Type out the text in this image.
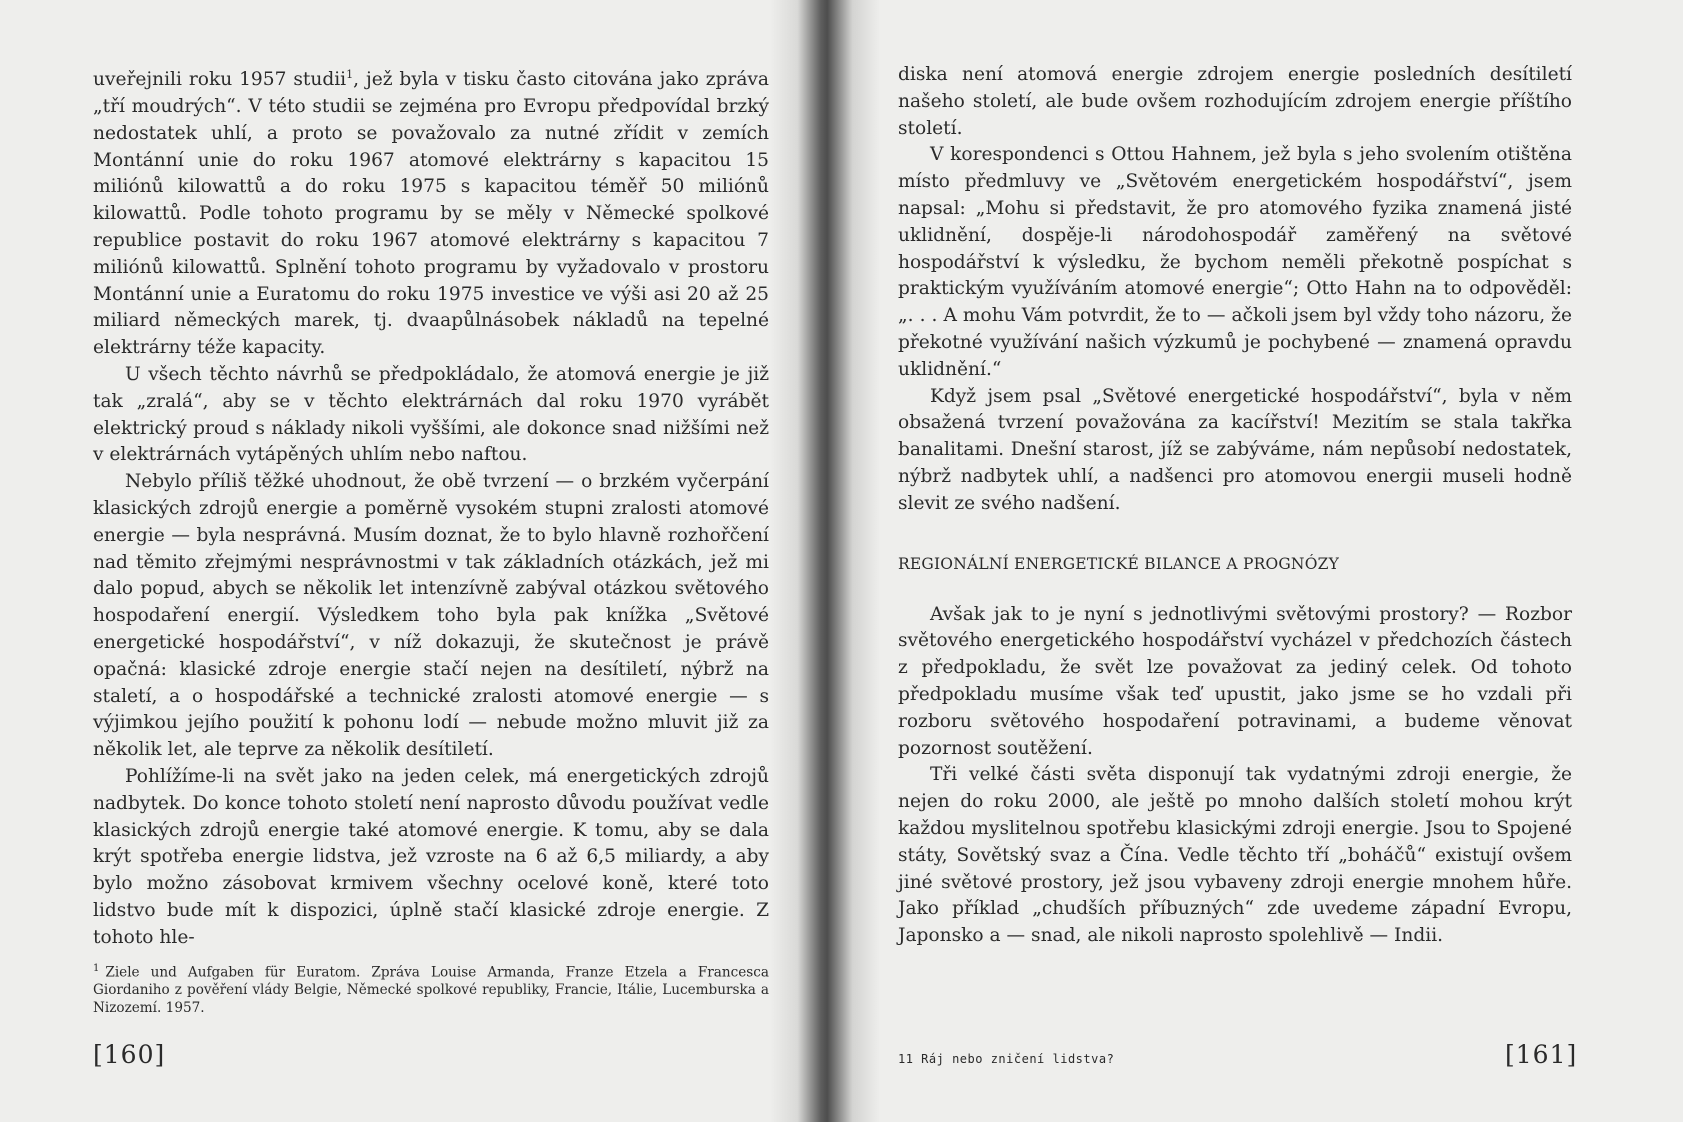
uveřejnili roku 1957 studii$^1$, jež byla v tisku často citována jako zpráva „tří moudrých“. V této studii se zejména pro Evropu předpovídal brzký nedostatek uhlí, a proto se považovalo za nutné zřídit v zemích Montánní unie do roku 1967 atomové elektrárny s kapacitou 15 miliónů kilowattů a do roku 1975 s kapacitou téměř 50 miliónů kilowattů. Podle tohoto programu by se měly v Německé spolkové republice postavit do roku 1967 atomové elektrárny s kapacitou 7 miliónů kilowattů. Splnění tohoto programu by vyžadovalo v prostoru Montánní unie a Euratomu do roku 1975 investice ve výši asi 20 až 25 miliard německých marek, tj. dvaapůlnásobek nákladů na tepelné elektrárny téže kapacity.

U všech těchto návrhů se předpokládalo, že atomová energie je již tak „zralá“, aby se v těchto elektrárnách dal roku 1970 vyrábět elektrický proud s náklady nikoli vyššími, ale dokonce snad nižšími než v elektrárnách vytápěných uhlím nebo naftou.

Nebylo příliš těžké uhodnout, že obě tvrzení — o brzkém vyčerpání klasických zdrojů energie a poměrně vysokém stupni zralosti atomové energie — byla nesprávná. Musím doznat, že to bylo hlavně rozhořčení nad těmito zřejmými nesprávnostmi v tak základních otázkách, jež mi dalo popud, abych se několik let intenzívně zabýval otázkou světového hospodaření energií. Výsledkem toho byla pak knížka „Světové energetické hospodářství“, v níž dokazuji, že skutečnost je právě opačná: klasické zdroje energie stačí nejen na desítiletí, nýbrž na staletí, a o hospodářské a technické zralosti atomové energie — s výjimkou jejího použití k pohonu lodí — nebude možno mluvit již za několik let, ale teprve za několik desítiletí.

Pohlížíme-li na svět jako na jeden celek, má energetických zdrojů nadbytek. Do konce tohoto století není naprosto důvodu používat vedle klasických zdrojů energie také atomové energie. K tomu, aby se dala krýt spotřeba energie lidstva, jež vzroste na 6 až 6,5 miliardy, a aby bylo možno zásobovat krmivem všechny ocelové koně, které toto lidstvo bude mít k dispozici, úplně stačí klasické zdroje energie. Z tohoto hle-

$^1$ Ziele und Aufgaben für Euratom. Zpráva Louise Armanda, Franze Etzela a Francesca Giordaniho z pověření vlády Belgie, Německé spolkové republiky, Francie, Itálie, Lucemburska a Nizozemí. 1957.
[160]

diska není atomová energie zdrojem energie posledních desítiletí našeho století, ale bude ovšem rozhodujícím zdrojem energie příštího století.

V korespondenci s Ottou Hahnem, jež byla s jeho svolením otištěna místo předmluvy ve „Světovém energetickém hospodářství“, jsem napsal: „Mohu si představit, že pro atomového fyzika znamená jisté uklidnění, dospěje-li národohospodář zaměřený na světové hospodářství k výsledku, že bychom neměli překotně pospíchat s praktickým využíváním atomové energie“; Otto Hahn na to odpověděl: „. . . A mohu Vám potvrdit, že to — ačkoli jsem byl vždy toho názoru, že překotné využívání našich výzkumů je pochybené — znamená opravdu uklidnění.“

Když jsem psal „Světové energetické hospodářství“, byla v něm obsažená tvrzení považována za kacířství! Mezitím se stala takřka banalitami. Dnešní starost, jíž se zabýváme, nám nepůsobí nedostatek, nýbrž nadbytek uhlí, a nadšenci pro atomovou energii museli hodně slevit ze svého nadšení.

REGIONÁLNÍ ENERGETICKÉ BILANCE A PROGNÓZY

Avšak jak to je nyní s jednotlivými světovými prostory? — Rozbor světového energetického hospodářství vycházel v předchozích částech z předpokladu, že svět lze považovat za jediný celek. Od tohoto předpokladu musíme však teď upustit, jako jsme se ho vzdali při rozboru světového hospodaření potravinami, a budeme věnovat pozornost soutěžení.

Tři velké části světa disponují tak vydatnými zdroji energie, že nejen do roku 2000, ale ještě po mnoho dalších století mohou krýt každou myslitelnou spotřebu klasickými zdroji energie. Jsou to Spojené státy, Sovětský svaz a Čína. Vedle těchto tří „boháčů“ existují ovšem jiné světové prostory, jež jsou vybaveny zdroji energie mnohem hůře. Jako příklad „chudších příbuzných“ zde uvedeme západní Evropu, Japonsko a — snad, ale nikoli naprosto spolehlivě — Indii.

11 Ráj nebo zničení lidstva?	[161]
